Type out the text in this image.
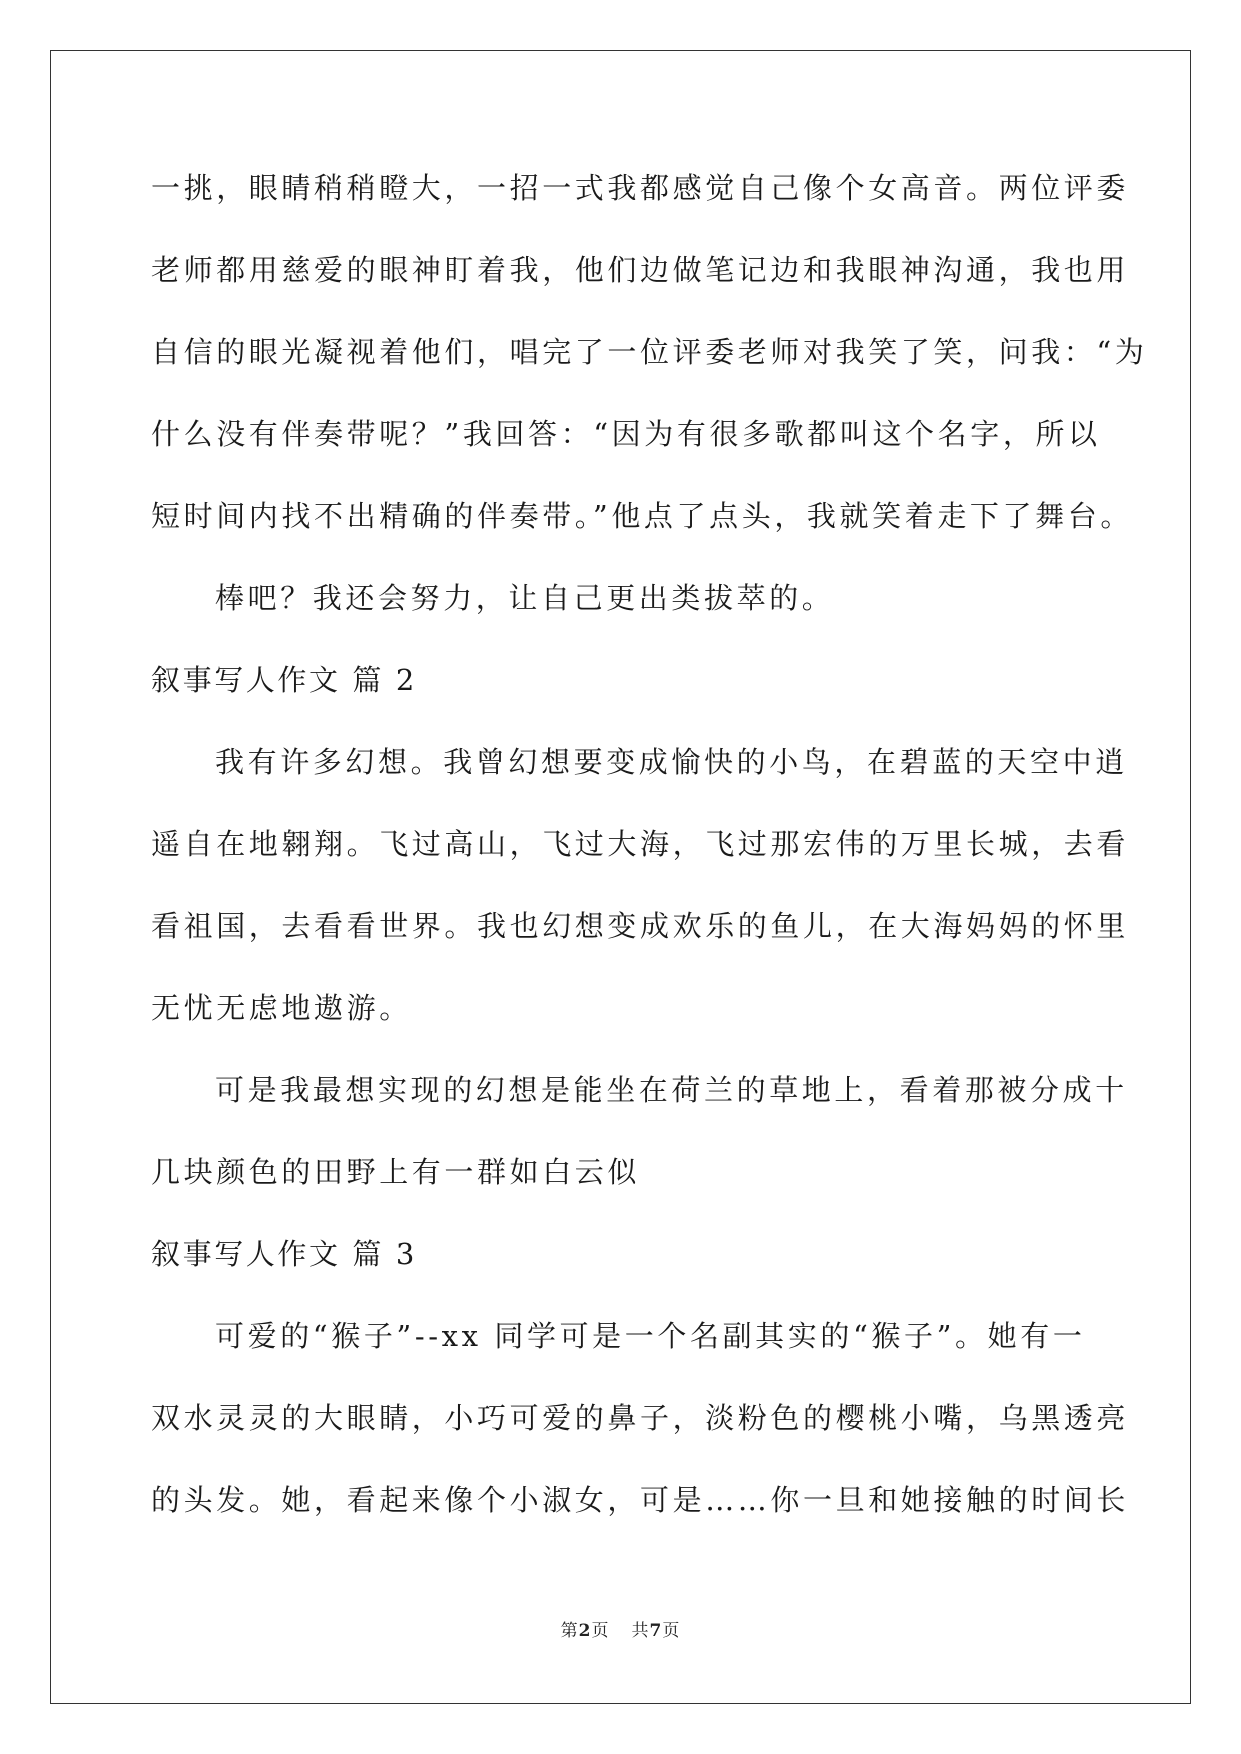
一挑，眼睛稍稍瞪大，一招一式我都感觉自己像个女高音。两位评委
老师都用慈爱的眼神盯着我，他们边做笔记边和我眼神沟通，我也用
自信的眼光凝视着他们，唱完了一位评委老师对我笑了笑，问我：“为
什么没有伴奏带呢？”我回答：“因为有很多歌都叫这个名字，所以
短时间内找不出精确的伴奏带。”他点了点头，我就笑着走下了舞台。
棒吧？我还会努力，让自己更出类拔萃的。
叙事写人作文 篇 2
我有许多幻想。我曾幻想要变成愉快的小鸟，在碧蓝的天空中逍
遥自在地翱翔。飞过高山，飞过大海，飞过那宏伟的万里长城，去看
看祖国，去看看世界。我也幻想变成欢乐的鱼儿，在大海妈妈的怀里
无忧无虑地遨游。
可是我最想实现的幻想是能坐在荷兰的草地上，看着那被分成十
几块颜色的田野上有一群如白云似
叙事写人作文 篇 3
可爱的“猴子”--xx 同学可是一个名副其实的“猴子”。她有一
双水灵灵的大眼睛，小巧可爱的鼻子，淡粉色的樱桃小嘴，乌黑透亮
的头发。她，看起来像个小淑女，可是……你一旦和她接触的时间长
第2页 共7页
